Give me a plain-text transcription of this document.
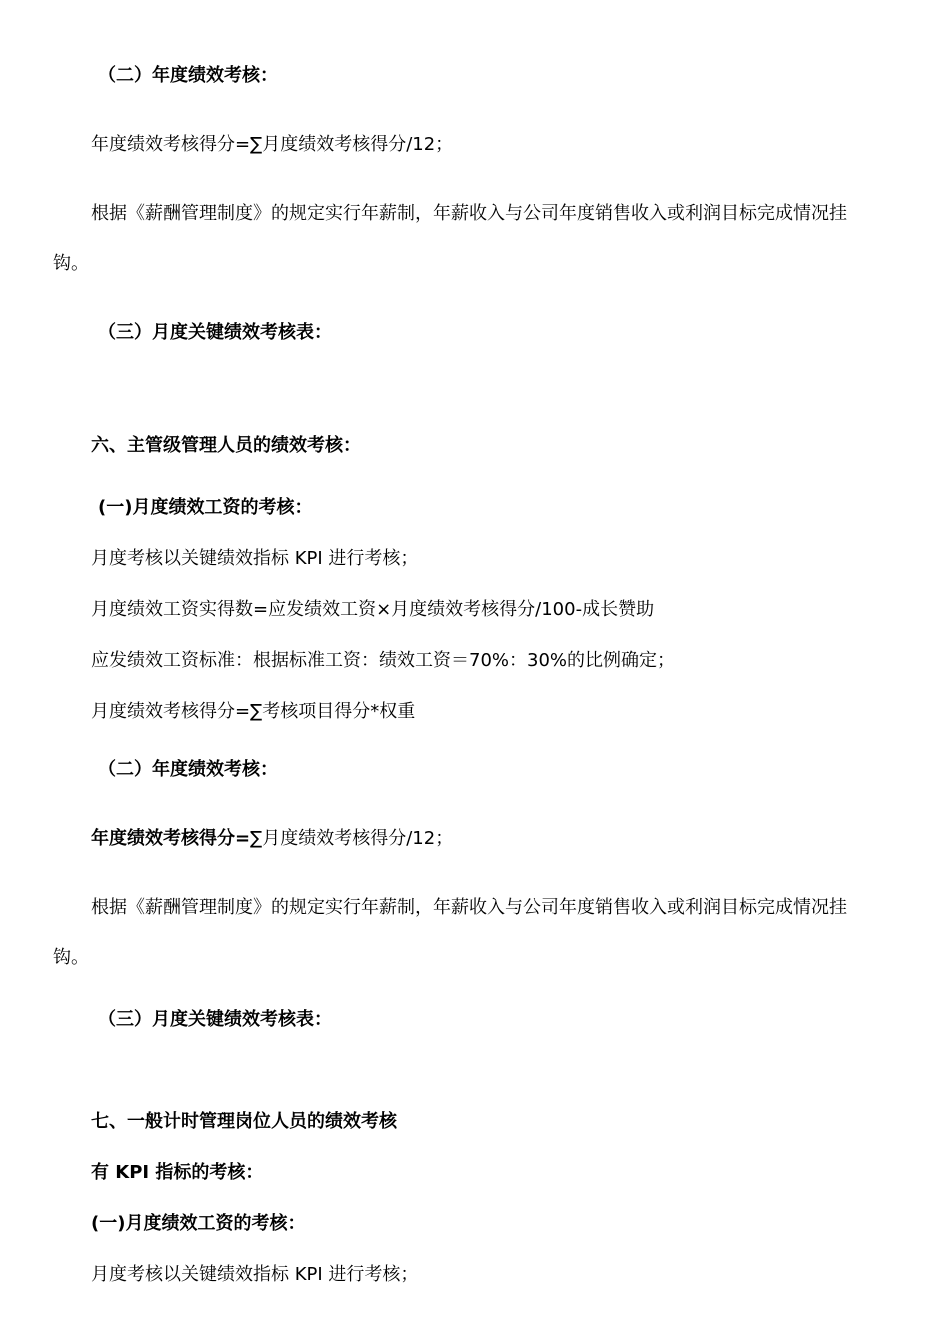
（二）年度绩效考核：
年度绩效考核得分=∑月度绩效考核得分/12；
根据《薪酬管理制度》的规定实行年薪制，年薪收入与公司年度销售收入或利润目标完成情况挂
钩。
（三）月度关键绩效考核表：
六、主管级管理人员的绩效考核：
(一)月度绩效工资的考核：
月度考核以关键绩效指标 KPI 进行考核；
月度绩效工资实得数=应发绩效工资×月度绩效考核得分/100-成长赞助
应发绩效工资标准：根据标准工资：绩效工资＝70%：30%的比例确定；
月度绩效考核得分=∑考核项目得分*权重
（二）年度绩效考核：
年度绩效考核得分=∑月度绩效考核得分/12；
根据《薪酬管理制度》的规定实行年薪制，年薪收入与公司年度销售收入或利润目标完成情况挂
钩。
（三）月度关键绩效考核表：
七、一般计时管理岗位人员的绩效考核
有 KPI 指标的考核：
(一)月度绩效工资的考核：
月度考核以关键绩效指标 KPI 进行考核；
